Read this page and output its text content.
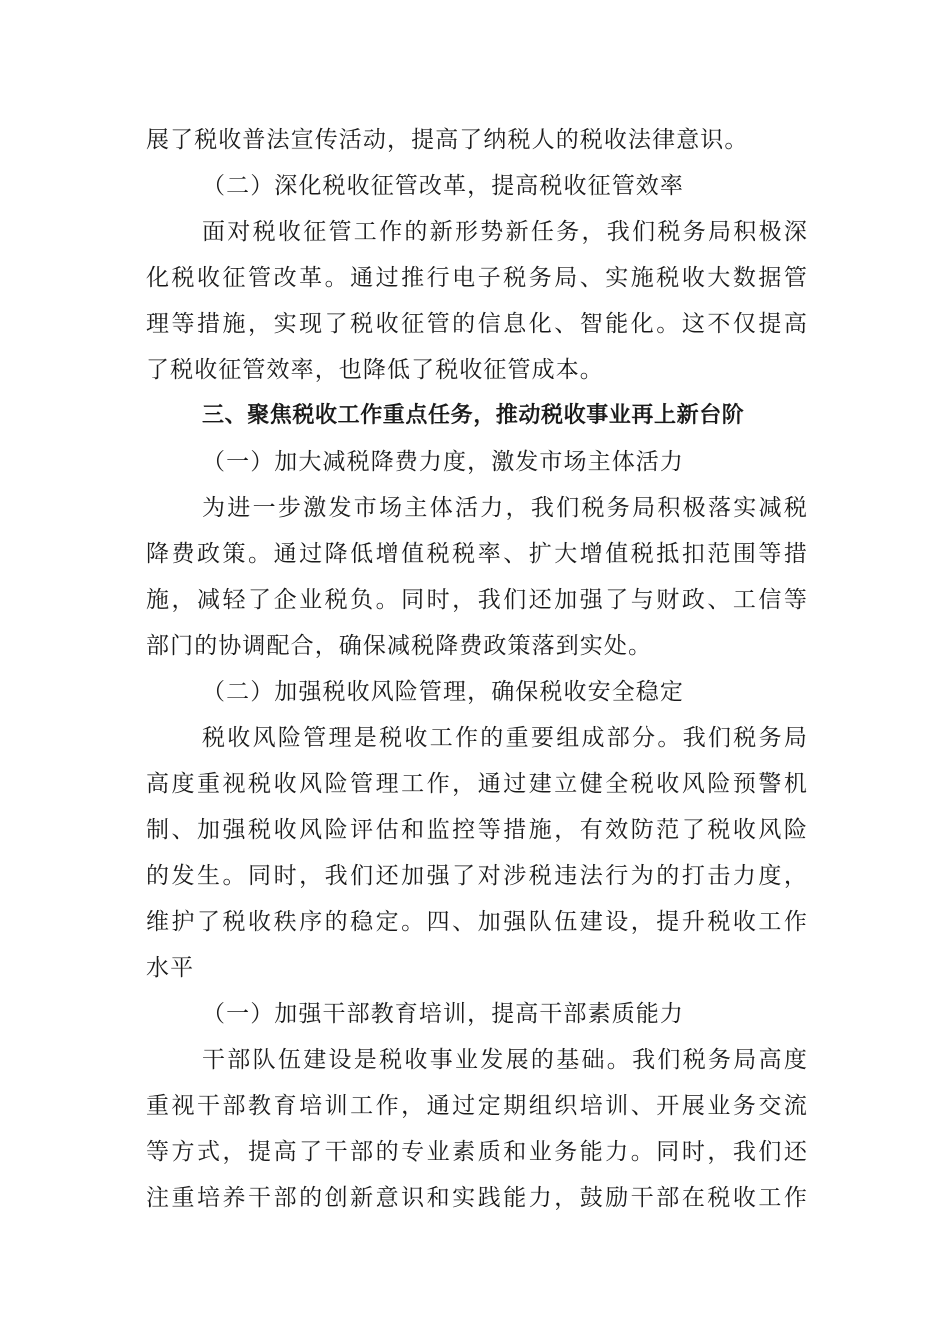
展了税收普法宣传活动，提高了纳税人的税收法律意识。
（二）深化税收征管改革，提高税收征管效率
面对税收征管工作的新形势新任务，我们税务局积极深
化税收征管改革。通过推行电子税务局、实施税收大数据管
理等措施，实现了税收征管的信息化、智能化。这不仅提高
了税收征管效率，也降低了税收征管成本。
三、聚焦税收工作重点任务，推动税收事业再上新台阶
（一）加大减税降费力度，激发市场主体活力
为进一步激发市场主体活力，我们税务局积极落实减税
降费政策。通过降低增值税税率、扩大增值税抵扣范围等措
施，减轻了企业税负。同时，我们还加强了与财政、工信等
部门的协调配合，确保减税降费政策落到实处。
（二）加强税收风险管理，确保税收安全稳定
税收风险管理是税收工作的重要组成部分。我们税务局
高度重视税收风险管理工作，通过建立健全税收风险预警机
制、加强税收风险评估和监控等措施，有效防范了税收风险
的发生。同时，我们还加强了对涉税违法行为的打击力度，
维护了税收秩序的稳定。四、加强队伍建设，提升税收工作
水平
（一）加强干部教育培训，提高干部素质能力
干部队伍建设是税收事业发展的基础。我们税务局高度
重视干部教育培训工作，通过定期组织培训、开展业务交流
等方式，提高了干部的专业素质和业务能力。同时，我们还
注重培养干部的创新意识和实践能力，鼓励干部在税收工作
